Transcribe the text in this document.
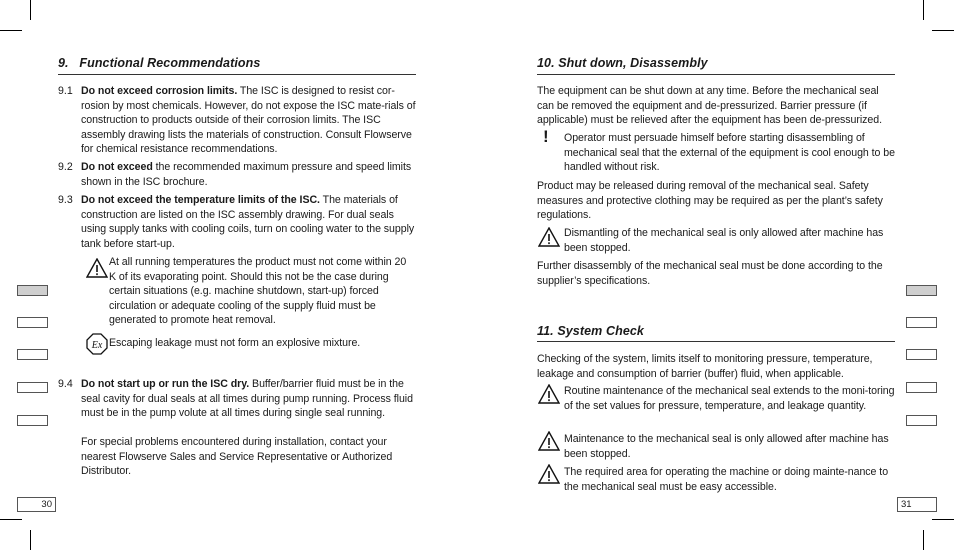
30	31
9.   Functional Recommendations
9.1 Do not exceed corrosion limits. The ISC is designed to resist cor-rosion by most chemicals. However, do not expose the ISC mate-rials of construction to products outside of their corrosion limits. The ISC assembly drawing lists the materials of construction. Consult Flowserve for chemical resistance recommendations.
9.2 Do not exceed the recommended maximum pressure and speed limits shown in the ISC brochure.
9.3 Do not exceed the temperature limits of the ISC. The materials of construction are listed on the ISC assembly drawing. For dual seals using supply tanks with cooling coils, turn on cooling water to the supply tank before start-up.
At all running temperatures the product must not come within 20 K of its evaporating point. Should this not be the case during certain situations (e.g. machine shutdown, start-up) forced circulation or adequate cooling of the supply fluid must be generated to promote heat removal.
Ex Escaping leakage must not form an explosive mixture.
9.4 Do not start up or run the ISC dry. Buffer/barrier fluid must be in the seal cavity for dual seals at all times during pump running. Process fluid must be in the pump volute at all times during single seal running.
For special problems encountered during installation, contact your nearest Flowserve Sales and Service Representative or Authorized Distributor.
10. Shut down, Disassembly
The equipment can be shut down at any time. Before the mechanical seal can be removed the equipment and de-pressurized. Barrier pressure (if applicable) must be relieved after the equipment has been de-pressurized.
! Operator must persuade himself before starting disassembling of mechanical seal that the external of the equipment is cool enough to be handled without risk.
Product may be released during removal of the mechanical seal. Safety measures and protective clothing may be required as per the plant’s safety regulations.
Dismantling of the mechanical seal is only allowed after machine has been stopped.
Further disassembly of the mechanical seal must be done according to the supplier’s specifications.
11. System Check
Checking of the system, limits itself to monitoring pressure, temperature, leakage and consumption of barrier (buffer) fluid, when applicable.
Routine maintenance of the mechanical seal extends to the moni-toring of the set values for pressure, temperature, and leakage quantity.
Maintenance to the mechanical seal is only allowed after machine has been stopped.
The required area for operating the machine or doing mainte-nance to the mechanical seal must be easy accessible.
